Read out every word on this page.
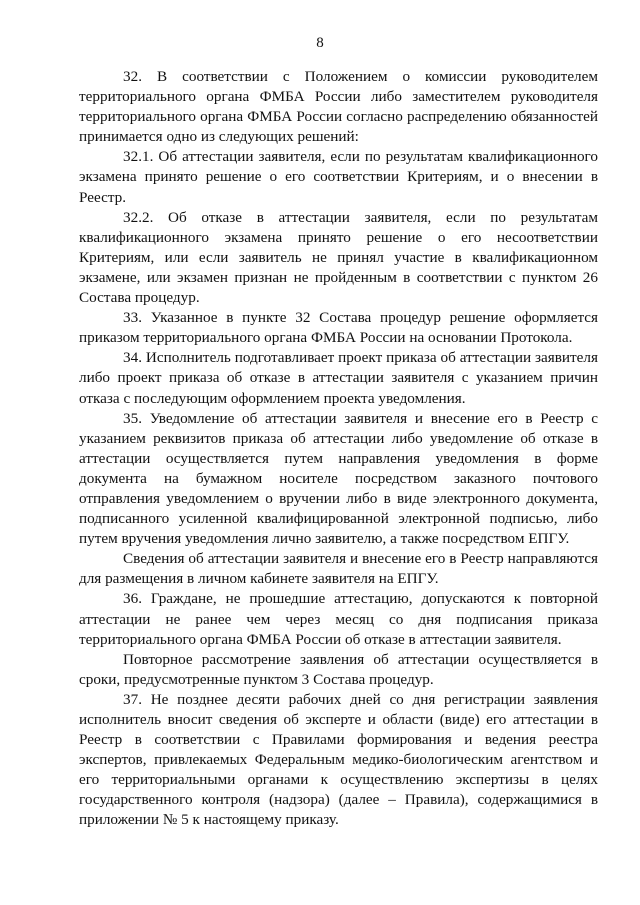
8

32. В соответствии с Положением о комиссии руководителем территориального органа ФМБА России либо заместителем руководителя территориального органа ФМБА России согласно распределению обязанностей принимается одно из следующих решений:

32.1. Об аттестации заявителя, если по результатам квалификационного экзамена принято решение о его соответствии Критериям, и о внесении в Реестр.

32.2. Об отказе в аттестации заявителя, если по результатам квалификационного экзамена принято решение о его несоответствии Критериям, или если заявитель не принял участие в квалификационном экзамене, или экзамен признан не пройденным в соответствии с пунктом 26 Состава процедур.

33. Указанное в пункте 32 Состава процедур решение оформляется приказом территориального органа ФМБА России на основании Протокола.

34. Исполнитель подготавливает проект приказа об аттестации заявителя либо проект приказа об отказе в аттестации заявителя с указанием причин отказа с последующим оформлением проекта уведомления.

35. Уведомление об аттестации заявителя и внесение его в Реестр с указанием реквизитов приказа об аттестации либо уведомление об отказе в аттестации осуществляется путем направления уведомления в форме документа на бумажном носителе посредством заказного почтового отправления уведомлением о вручении либо в виде электронного документа, подписанного усиленной квалифицированной электронной подписью, либо путем вручения уведомления лично заявителю, а также посредством ЕПГУ.

Сведения об аттестации заявителя и внесение его в Реестр направляются для размещения в личном кабинете заявителя на ЕПГУ.

36. Граждане, не прошедшие аттестацию, допускаются к повторной аттестации не ранее чем через месяц со дня подписания приказа территориального органа ФМБА России об отказе в аттестации заявителя.

Повторное рассмотрение заявления об аттестации осуществляется в сроки, предусмотренные пунктом 3 Состава процедур.

37. Не позднее десяти рабочих дней со дня регистрации заявления исполнитель вносит сведения об эксперте и области (виде) его аттестации в Реестр в соответствии с Правилами формирования и ведения реестра экспертов, привлекаемых Федеральным медико-биологическим агентством и его территориальными органами к осуществлению экспертизы в целях государственного контроля (надзора) (далее – Правила), содержащимися в приложении № 5 к настоящему приказу.
